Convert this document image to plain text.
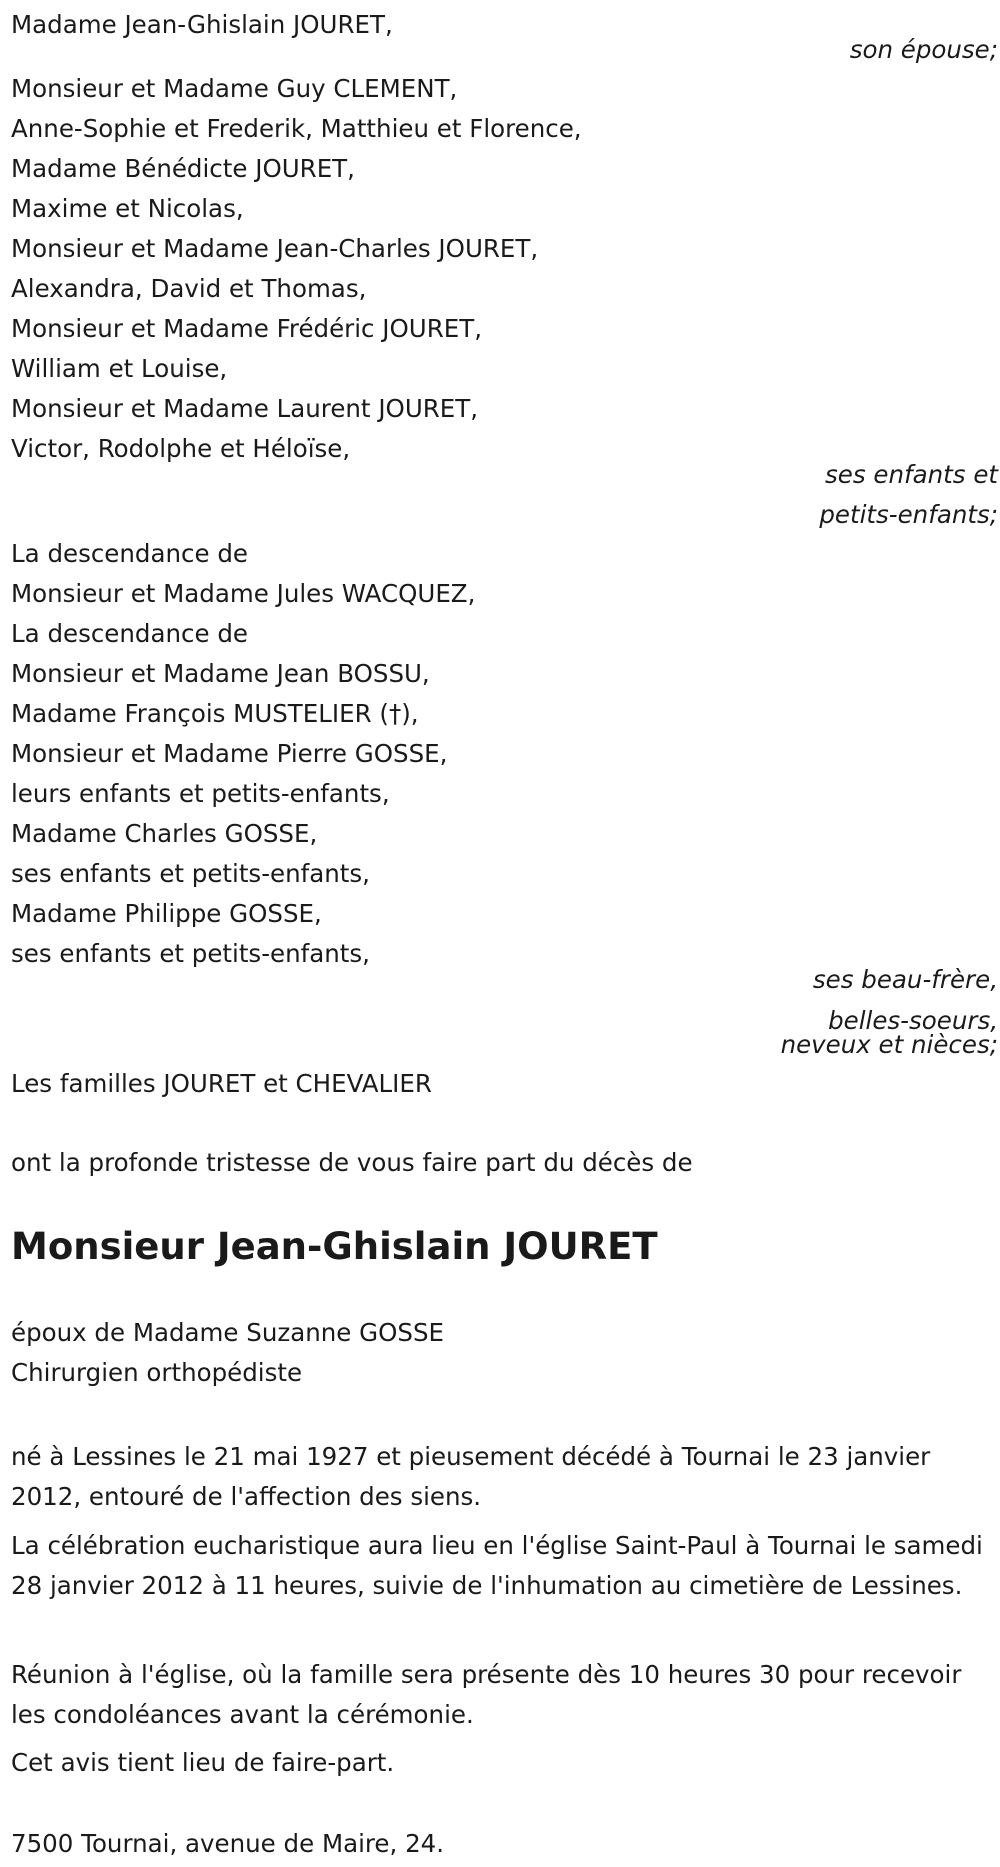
Madame Jean-Ghislain JOURET,
son épouse;
Monsieur et Madame Guy CLEMENT,
Anne-Sophie et Frederik, Matthieu et Florence,
Madame Bénédicte JOURET,
Maxime et Nicolas,
Monsieur et Madame Jean-Charles JOURET,
Alexandra, David et Thomas,
Monsieur et Madame Frédéric JOURET,
William et Louise,
Monsieur et Madame Laurent JOURET,
Victor, Rodolphe et Héloïse,
ses enfants et
petits-enfants;
La descendance de
Monsieur et Madame Jules WACQUEZ,
La descendance de
Monsieur et Madame Jean BOSSU,
Madame François MUSTELIER (†),
Monsieur et Madame Pierre GOSSE,
leurs enfants et petits-enfants,
Madame Charles GOSSE,
ses enfants et petits-enfants,
Madame Philippe GOSSE,
ses enfants et petits-enfants,
ses beau-frère,
belles-soeurs,
neveux et nièces;
Les familles JOURET et CHEVALIER
ont la profonde tristesse de vous faire part du décès de
Monsieur Jean-Ghislain JOURET
époux de Madame Suzanne GOSSE
Chirurgien orthopédiste
né à Lessines le 21 mai 1927 et pieusement décédé à Tournai le 23 janvier 2012, entouré de l'affection des siens.
La célébration eucharistique aura lieu en l'église Saint-Paul à Tournai le samedi 28 janvier 2012 à 11 heures, suivie de l'inhumation au cimetière de Lessines.
Réunion à l'église, où la famille sera présente dès 10 heures 30 pour recevoir les condoléances avant la cérémonie.
Cet avis tient lieu de faire-part.
7500 Tournai, avenue de Maire, 24.
